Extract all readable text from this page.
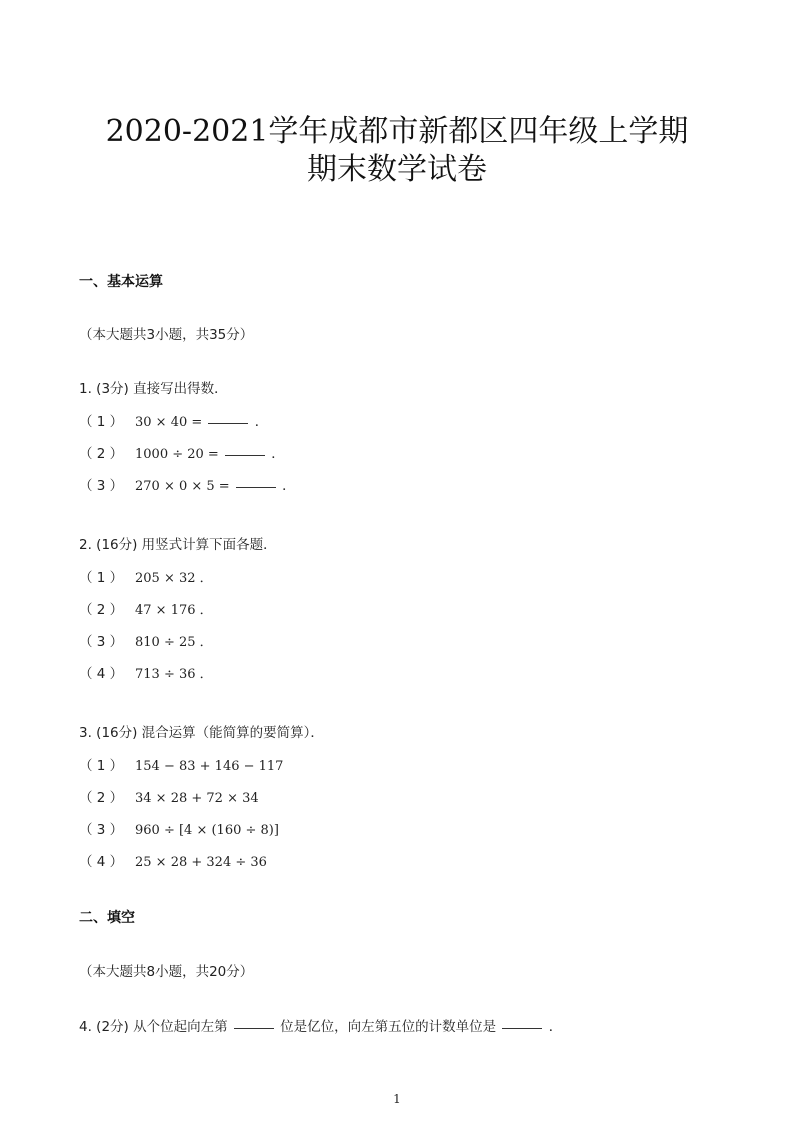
2020-2021学年成都市新都区四年级上学期
期末数学试卷
一、基本运算
（本大题共3小题，共35分）
1. (3分) 直接写出得数．
（ 1 ） 30 × 40 =	．
（ 2 ） 1000 ÷ 20 =	．
（ 3 ） 270 × 0 × 5 =	．
2. (16分) 用竖式计算下面各题．
（ 1 ） 205 × 32 ．
（ 2 ） 47 × 176 ．
（ 3 ） 810 ÷ 25 ．
（ 4 ） 713 ÷ 36 ．
3. (16分) 混合运算（能简算的要简算）．
（ 1 ） 154 − 83 + 146 − 117
（ 2 ） 34 × 28 + 72 × 34
（ 3 ） 960 ÷ [4 × (160 ÷ 8)]
（ 4 ） 25 × 28 + 324 ÷ 36
二、填空
（本大题共8小题，共20分）
4. (2分) 从个位起向左第	位是亿位，向左第五位的计数单位是	．
1
